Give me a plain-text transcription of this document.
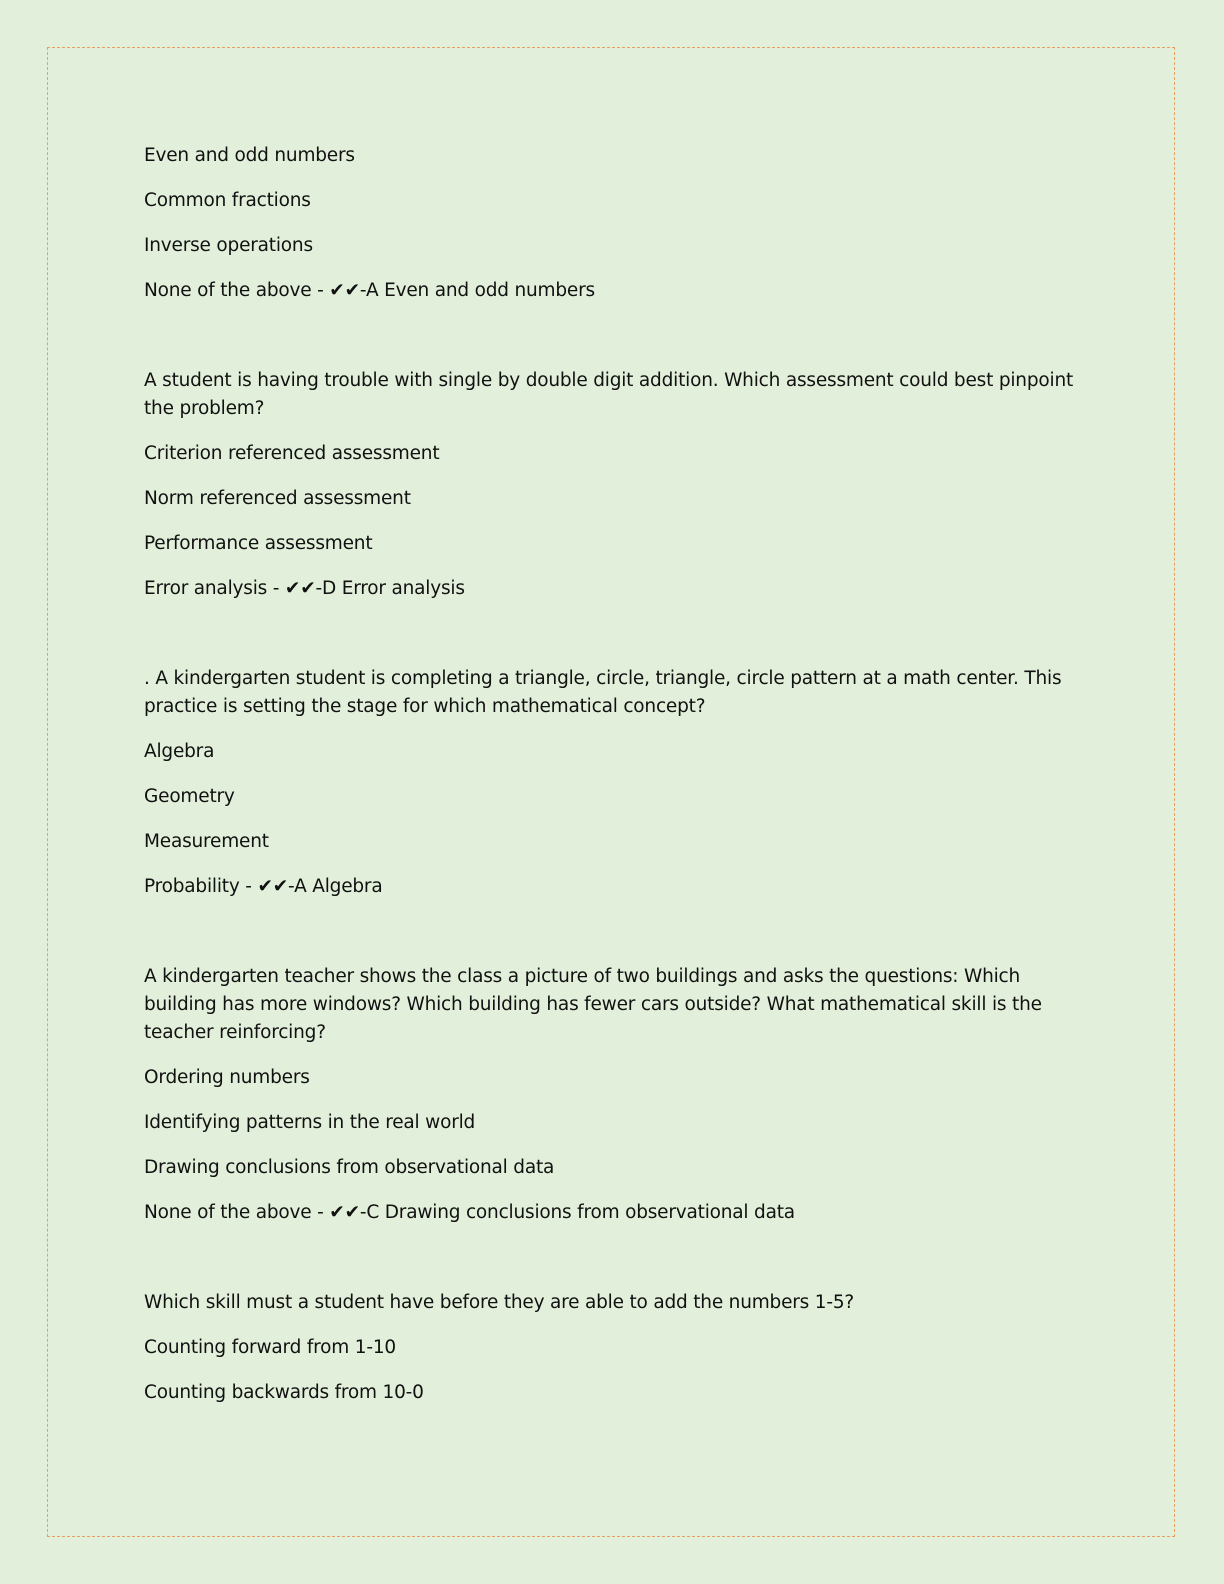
Even and odd numbers
Common fractions
Inverse operations
None of the above - ✔✔-A Even and odd numbers
A student is having trouble with single by double digit addition. Which assessment could best pinpoint the problem?
Criterion referenced assessment
Norm referenced assessment
Performance assessment
Error analysis - ✔✔-D Error analysis
. A kindergarten student is completing a triangle, circle, triangle, circle pattern at a math center. This practice is setting the stage for which mathematical concept?
Algebra
Geometry
Measurement
Probability - ✔✔-A Algebra
A kindergarten teacher shows the class a picture of two buildings and asks the questions: Which building has more windows? Which building has fewer cars outside? What mathematical skill is the teacher reinforcing?
Ordering numbers
Identifying patterns in the real world
Drawing conclusions from observational data
None of the above - ✔✔-C Drawing conclusions from observational data
Which skill must a student have before they are able to add the numbers 1-5?
Counting forward from 1-10
Counting backwards from 10-0
